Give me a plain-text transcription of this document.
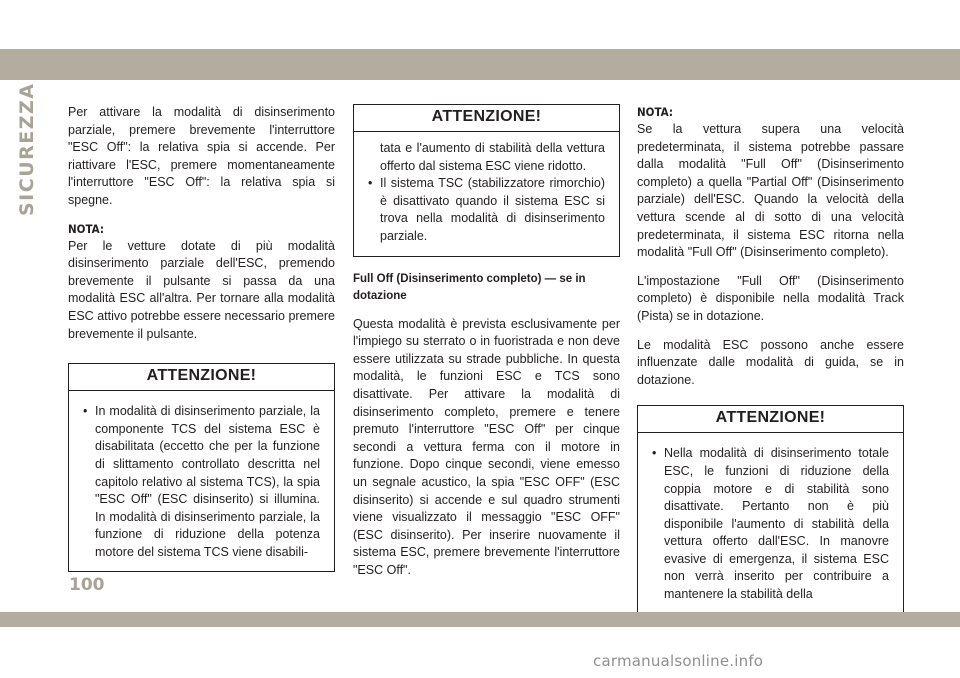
SICUREZZA Per attivare la modalità di disinserimento parziale, premere brevemente l'interruttore "ESC Off": la relativa spia si accende. Per riattivare l'ESC, premere momentaneamente l'interruttore "ESC Off": la relativa spia si spegne.

NOTA:

Per le vetture dotate di più modalità disinserimento parziale dell'ESC, premendo brevemente il pulsante si passa da una modalità ESC all'altra. Per tornare alla modalità ESC attivo potrebbe essere necessario premere brevemente il pulsante.

ATTENZIONE!
• In modalità di disinserimento parziale, la componente TCS del sistema ESC è disabilitata (eccetto che per la funzione di slittamento controllato descritta nel capitolo relativo al sistema TCS), la spia "ESC Off" (ESC disinserito) si illumina. In modalità di disinserimento parziale, la funzione di riduzione della potenza motore del sistema TCS viene disabili-
ATTENZIONE!
tata e l'aumento di stabilità della vettura offerto dal sistema ESC viene ridotto.
• Il sistema TSC (stabilizzatore rimorchio) è disattivato quando il sistema ESC si trova nella modalità di disinserimento parziale.
Full Off (Disinserimento completo) — se in dotazione

Questa modalità è prevista esclusivamente per l'impiego su sterrato o in fuoristrada e non deve essere utilizzata su strade pubbliche. In questa modalità, le funzioni ESC e TCS sono disattivate. Per attivare la modalità di disinserimento completo, premere e tenere premuto l'interruttore "ESC Off" per cinque secondi a vettura ferma con il motore in funzione. Dopo cinque secondi, viene emesso un segnale acustico, la spia "ESC OFF" (ESC disinserito) si accende e sul quadro strumenti viene visualizzato il messaggio "ESC OFF" (ESC disinserito). Per inserire nuovamente il sistema ESC, premere brevemente l'interruttore "ESC Off".

NOTA:

Se la vettura supera una velocità predeterminata, il sistema potrebbe passare dalla modalità "Full Off" (Disinserimento completo) a quella "Partial Off" (Disinserimento parziale) dell'ESC. Quando la velocità della vettura scende al di sotto di una velocità predeterminata, il sistema ESC ritorna nella modalità "Full Off" (Disinserimento completo).

L'impostazione "Full Off" (Disinserimento completo) è disponibile nella modalità Track (Pista) se in dotazione.

Le modalità ESC possono anche essere influenzate dalle modalità di guida, se in dotazione.

ATTENZIONE!
• Nella modalità di disinserimento totale ESC, le funzioni di riduzione della coppia motore e di stabilità sono disattivate. Pertanto non è più disponibile l'aumento di stabilità della vettura offerto dall'ESC. In manovre evasive di emergenza, il sistema ESC non verrà inserito per contribuire a mantenere la stabilità della
100
carmanualsonline.info
